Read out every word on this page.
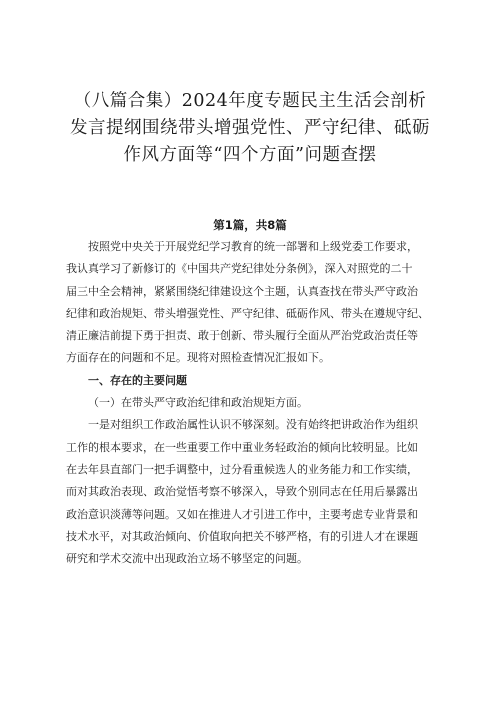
（八篇合集）2024年度专题民主生活会剖析
发言提纲围绕带头增强党性、严守纪律、砥砺
作风方面等“四个方面”问题查摆
第1篇，共8篇
按照党中央关于开展党纪学习教育的统一部署和上级党委工作要求，
我认真学习了新修订的《中国共产党纪律处分条例》，深入对照党的二十
届三中全会精神，紧紧围绕纪律建设这个主题，认真查找在带头严守政治
纪律和政治规矩、带头增强党性、严守纪律、砥砺作风、带头在遵规守纪、
清正廉洁前提下勇于担责、敢于创新、带头履行全面从严治党政治责任等
方面存在的问题和不足。现将对照检查情况汇报如下。
一、存在的主要问题
（一）在带头严守政治纪律和政治规矩方面。
一是对组织工作政治属性认识不够深刻。没有始终把讲政治作为组织
工作的根本要求，在一些重要工作中重业务轻政治的倾向比较明显。比如
在去年县直部门一把手调整中，过分看重候选人的业务能力和工作实绩，
而对其政治表现、政治觉悟考察不够深入，导致个别同志在任用后暴露出
政治意识淡薄等问题。又如在推进人才引进工作中，主要考虑专业背景和
技术水平，对其政治倾向、价值取向把关不够严格，有的引进人才在课题
研究和学术交流中出现政治立场不够坚定的问题。
